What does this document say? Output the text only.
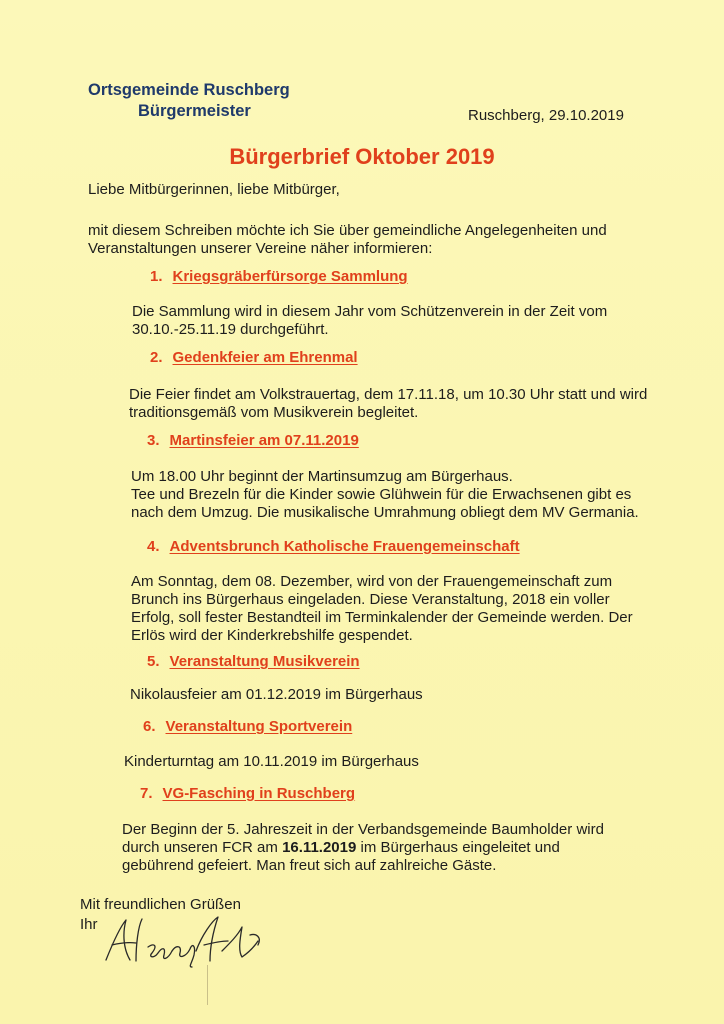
Ortsgemeinde Ruschberg
Bürgermeister	Ruschberg, 29.10.2019
Bürgerbrief Oktober 2019
Liebe Mitbürgerinnen, liebe Mitbürger,
mit diesem Schreiben möchte ich Sie über gemeindliche Angelegenheiten und
Veranstaltungen unserer Vereine näher informieren:
1. Kriegsgräberfürsorge Sammlung
Die Sammlung wird in diesem Jahr vom Schützenverein in der Zeit vom
30.10.-25.11.19 durchgeführt.
2. Gedenkfeier am Ehrenmal
Die Feier findet am Volkstrauertag, dem 17.11.18, um 10.30 Uhr statt und wird
traditionsgemäß vom Musikverein begleitet.
3. Martinsfeier am 07.11.2019
Um 18.00 Uhr beginnt der Martinsumzug am Bürgerhaus.
Tee und Brezeln für die Kinder sowie Glühwein für die Erwachsenen gibt es
nach dem Umzug. Die musikalische Umrahmung obliegt dem MV Germania.
4. Adventsbrunch Katholische Frauengemeinschaft
Am Sonntag, dem 08. Dezember, wird von der Frauengemeinschaft zum
Brunch ins Bürgerhaus eingeladen. Diese Veranstaltung, 2018 ein voller
Erfolg, soll fester Bestandteil im Terminkalender der Gemeinde werden. Der
Erlös wird der Kinderkrebshilfe gespendet.
5. Veranstaltung Musikverein
Nikolausfeier am 01.12.2019 im Bürgerhaus
6. Veranstaltung Sportverein
Kinderturntag am 10.11.2019 im Bürgerhaus
7. VG-Fasching in Ruschberg
Der Beginn der 5. Jahreszeit in der Verbandsgemeinde Baumholder wird
durch unseren FCR am 16.11.2019 im Bürgerhaus eingeleitet und
gebührend gefeiert. Man freut sich auf zahlreiche Gäste.
Mit freundlichen Grüßen
Ihr
